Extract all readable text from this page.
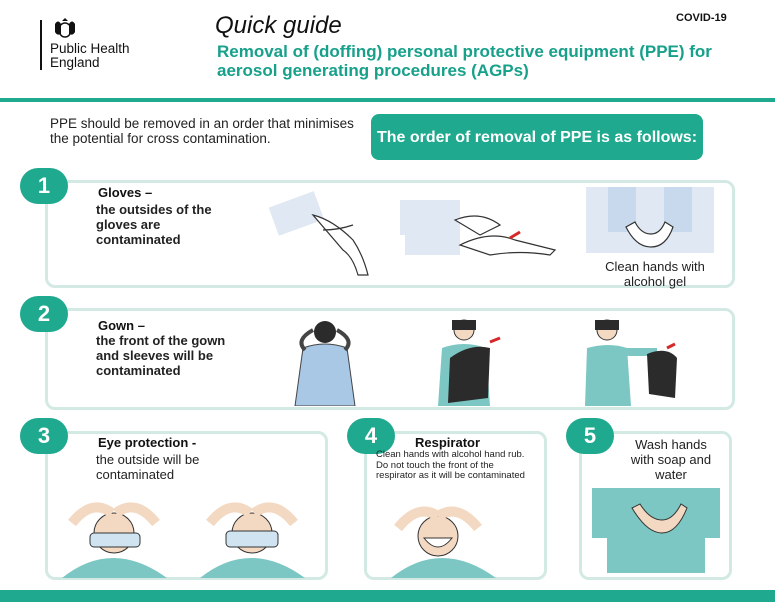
Public Health
England
Quick guide	COVID-19
Removal of (doffing) personal protective equipment (PPE) for aerosol generating procedures (AGPs)
PPE should be removed in an order that minimises the potential for cross contamination.	The order of removal of PPE is as follows:
1	Gloves –
the outsides of the gloves are contaminated
Clean hands with alcohol gel
2	Gown –
the front of the gown and sleeves will be contaminated
3	Eye protection -
the outside will be contaminated
4	Respirator
Clean hands with alcohol hand rub. Do not touch the front of the respirator as it will be contaminated
5	Wash hands with soap and water
